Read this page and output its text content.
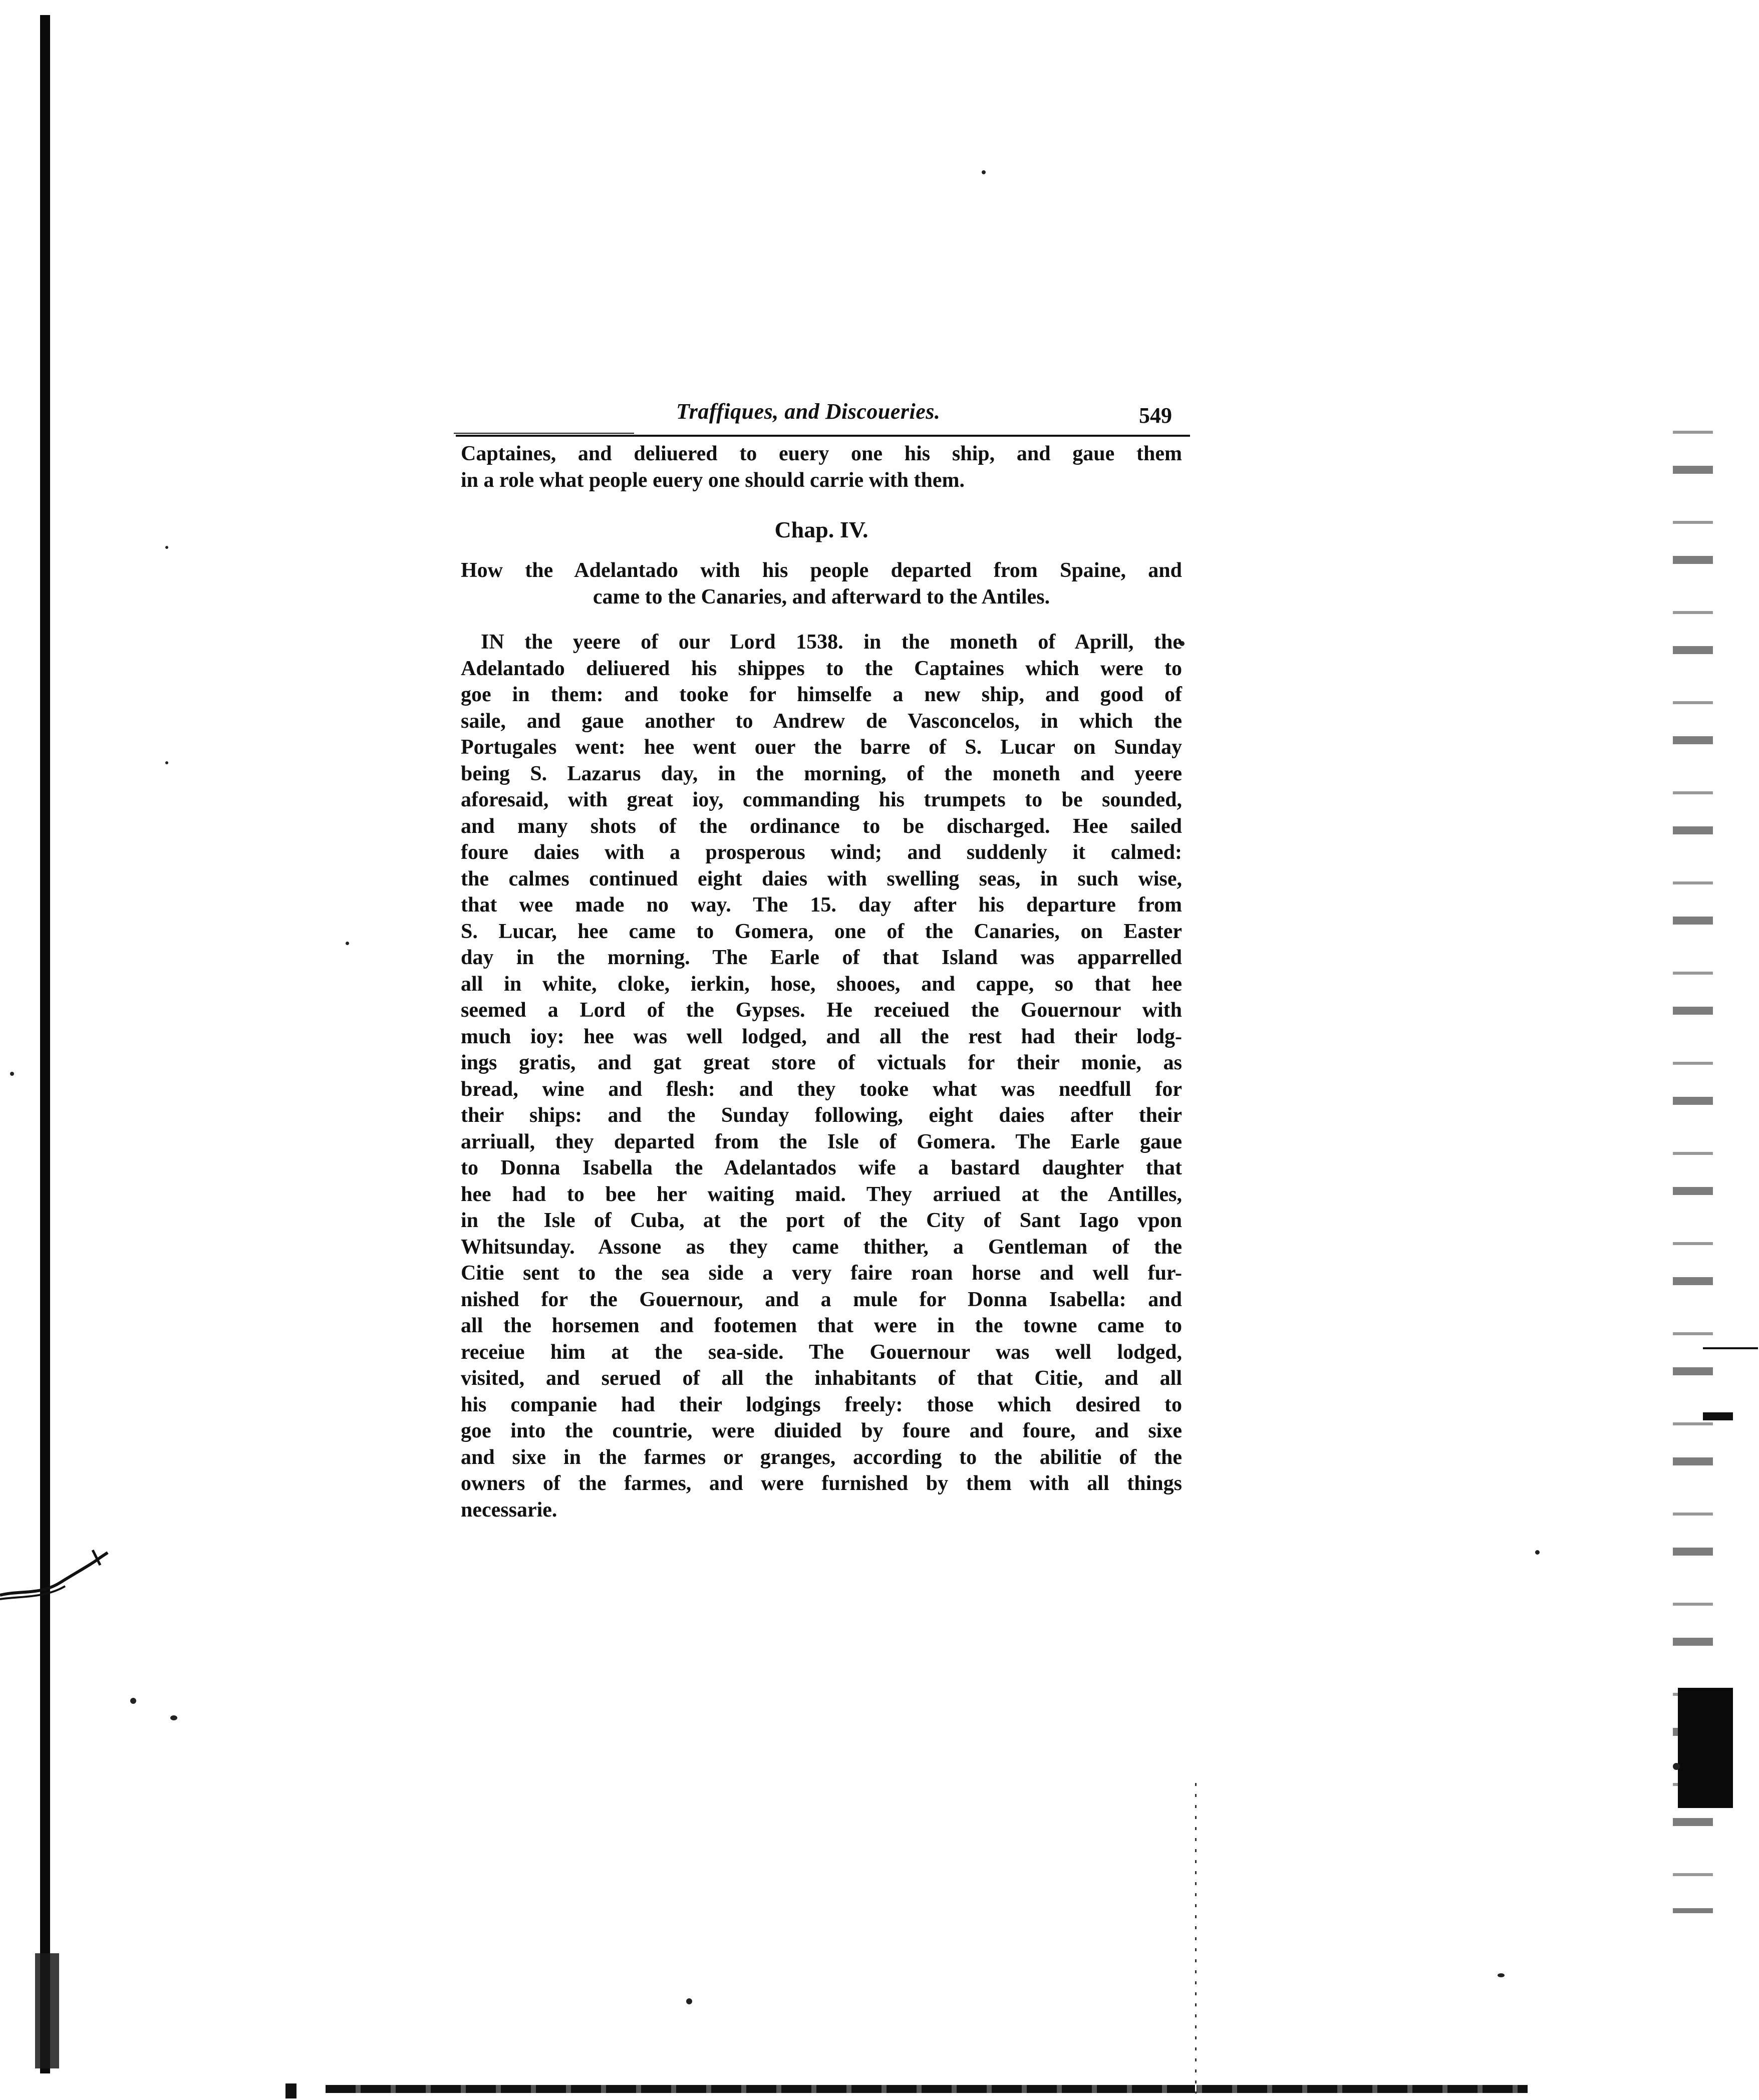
Traffiques, and Discoueries.	549
Captaines, and deliuered to euery one his ship, and gaue them
in a role what people euery one should carrie with them.
Chap. IV.
How the Adelantado with his people departed from Spaine, and
came to the Canaries, and afterward to the Antiles.
IN the yeere of our Lord 1538. in the moneth of Aprill, the
Adelantado deliuered his shippes to the Captaines which were to
goe in them: and tooke for himselfe a new ship, and good of
saile, and gaue another to Andrew de Vasconcelos, in which the
Portugales went: hee went ouer the barre of S. Lucar on Sunday
being S. Lazarus day, in the morning, of the moneth and yeere
aforesaid, with great ioy, commanding his trumpets to be sounded,
and many shots of the ordinance to be discharged. Hee sailed
foure daies with a prosperous wind; and suddenly it calmed:
the calmes continued eight daies with swelling seas, in such wise,
that wee made no way. The 15. day after his departure from
S. Lucar, hee came to Gomera, one of the Canaries, on Easter
day in the morning. The Earle of that Island was apparrelled
all in white, cloke, ierkin, hose, shooes, and cappe, so that hee
seemed a Lord of the Gypses. He receiued the Gouernour with
much ioy: hee was well lodged, and all the rest had their lodg-
ings gratis, and gat great store of victuals for their monie, as
bread, wine and flesh: and they tooke what was needfull for
their ships: and the Sunday following, eight daies after their
arriuall, they departed from the Isle of Gomera. The Earle gaue
to Donna Isabella the Adelantados wife a bastard daughter that
hee had to bee her waiting maid. They arriued at the Antilles,
in the Isle of Cuba, at the port of the City of Sant Iago vpon
Whitsunday. Assone as they came thither, a Gentleman of the
Citie sent to the sea side a very faire roan horse and well fur-
nished for the Gouernour, and a mule for Donna Isabella: and
all the horsemen and footemen that were in the towne came to
receiue him at the sea-side. The Gouernour was well lodged,
visited, and serued of all the inhabitants of that Citie, and all
his companie had their lodgings freely: those which desired to
goe into the countrie, were diuided by foure and foure, and sixe
and sixe in the farmes or granges, according to the abilitie of the
owners of the farmes, and were furnished by them with all things
necessarie.
